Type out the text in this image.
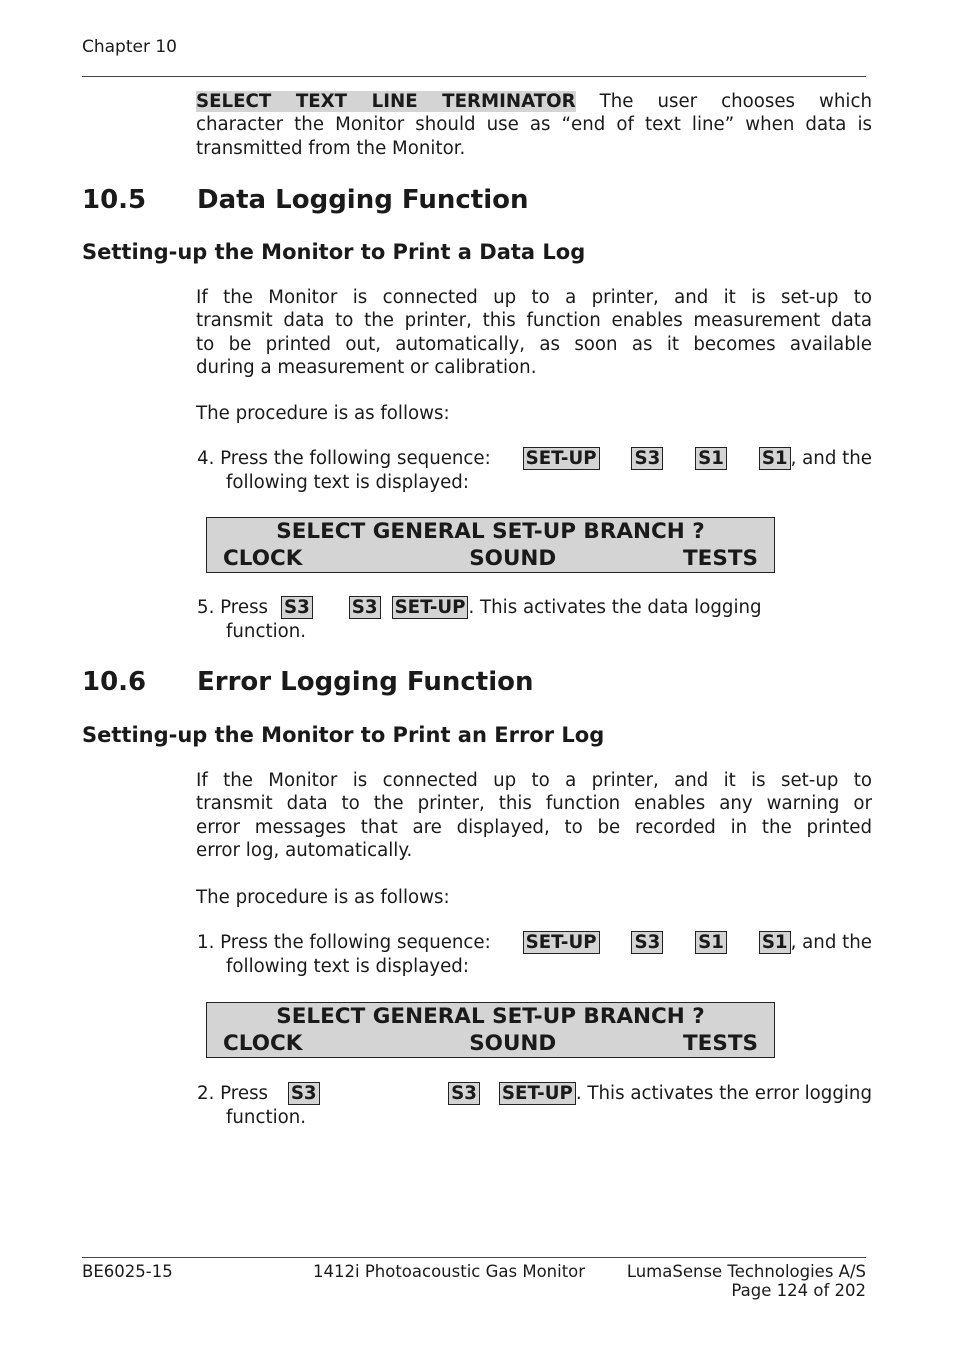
Chapter 10
SELECT TEXT LINE TERMINATOR The user chooses which
character the Monitor should use as “end of text line” when data is
transmitted from the Monitor.
10.5 Data Logging Function
Setting-up the Monitor to Print a Data Log
If the Monitor is connected up to a printer, and it is set-up to
transmit data to the printer, this function enables measurement data
to be printed out, automatically, as soon as it becomes available
during a measurement or calibration.
The procedure is as follows:
4. Press the following sequence: SET-UP S3 S1 S1 , and the
following text is displayed:
SELECT GENERAL SET-UP BRANCH ?
CLOCK	SOUND	TESTS
5.
Press S3 S3 SET-UP . This activates the data logging
function.
10.6 Error Logging Function
Setting-up the Monitor to Print an Error Log
If the Monitor is connected up to a printer, and it is set-up to
transmit data to the printer, this function enables any warning or
error messages that are displayed, to be recorded in the printed
error log, automatically.
The procedure is as follows:
1. Press the following sequence: SET-UP S3 S1 S1 , and the
following text is displayed:
SELECT GENERAL SET-UP BRANCH ?
CLOCK	SOUND	TESTS
2. Press S3	S3 SET-UP . This activates the error logging
function.
BE6025-15	1412i Photoacoustic Gas Monitor	LumaSense Technologies A/S
Page 124 of 202
